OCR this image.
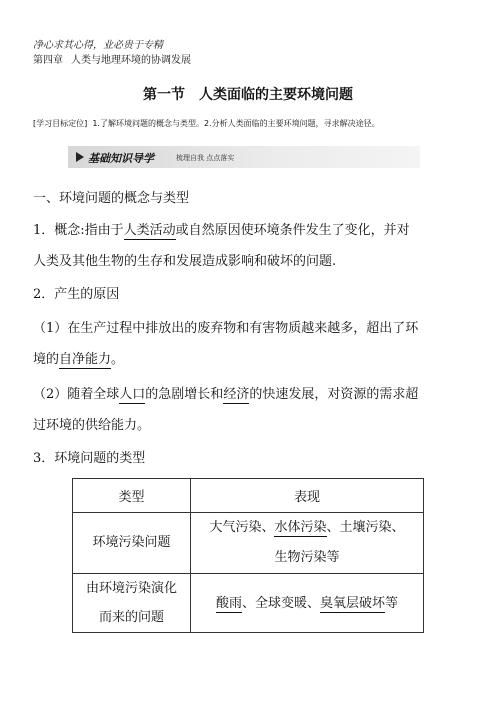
净心求其心得，业必贵于专精
第四章 人类与地理环境的协调发展
第一节 人类面临的主要环境问题
[学习目标定位] 1.了解环境问题的概念与类型。2.分析人类面临的主要环境问题，寻求解决途径。
基础知识导学	梳理自我 点点落实
一、环境问题的概念与类型
1．概念:指由于人类活动或自然原因使环境条件发生了变化，并对
人类及其他生物的生存和发展造成影响和破坏的问题.
2．产生的原因
（1）在生产过程中排放出的废弃物和有害物质越来越多，超出了环
境的自净能力。
（2）随着全球人口的急剧增长和经济的快速发展，对资源的需求超
过环境的供给能力。
3．环境问题的类型
类型	表现
环境污染问题	大气污染、水体污染、土壤污染、
生物污染等
由环境污染演化
而来的问题	酸雨、全球变暖、臭氧层破坏等
